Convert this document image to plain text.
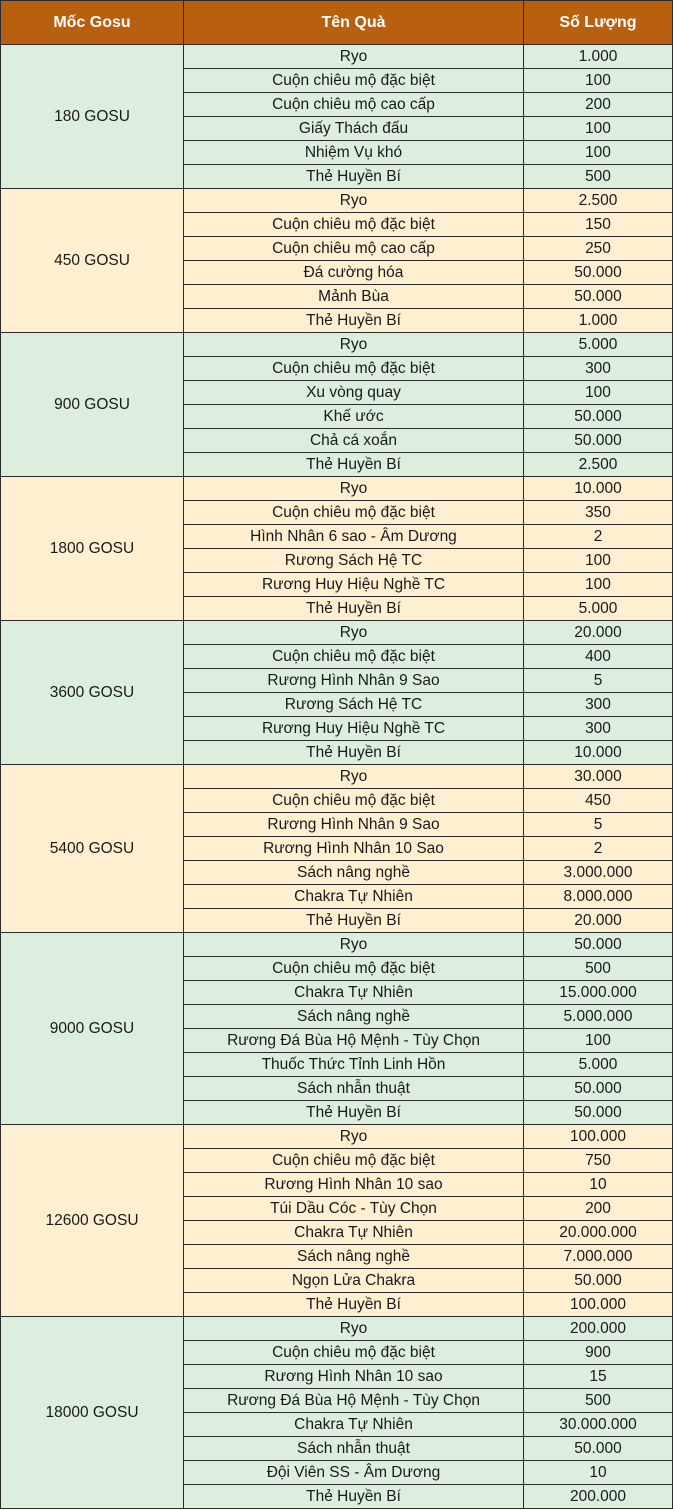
Mốc Gosu	Tên Quà	Số Lượng
180 GOSU	Ryo	1.000
	Cuộn chiêu mộ đặc biệt	100
	Cuộn chiêu mộ cao cấp	200
	Giấy Thách đấu	100
	Nhiệm Vụ khó	100
	Thẻ Huyền Bí	500
450 GOSU	Ryo	2.500
	Cuộn chiêu mộ đặc biệt	150
	Cuộn chiêu mộ cao cấp	250
	Đá cường hóa	50.000
	Mảnh Bùa	50.000
	Thẻ Huyền Bí	1.000
900 GOSU	Ryo	5.000
	Cuộn chiêu mộ đặc biệt	300
	Xu vòng quay	100
	Khế ước	50.000
	Chả cá xoắn	50.000
	Thẻ Huyền Bí	2.500
1800 GOSU	Ryo	10.000
	Cuộn chiêu mộ đặc biệt	350
	Hình Nhân 6 sao - Âm Dương	2
	Rương Sách Hệ TC	100
	Rương Huy Hiệu Nghề TC	100
	Thẻ Huyền Bí	5.000
3600 GOSU	Ryo	20.000
	Cuộn chiêu mộ đặc biệt	400
	Rương Hình Nhân 9 Sao	5
	Rương Sách Hệ TC	300
	Rương Huy Hiệu Nghề TC	300
	Thẻ Huyền Bí	10.000
5400 GOSU	Ryo	30.000
	Cuộn chiêu mộ đặc biệt	450
	Rương Hình Nhân 9 Sao	5
	Rương Hình Nhân 10 Sao	2
	Sách nâng nghề	3.000.000
	Chakra Tự Nhiên	8.000.000
	Thẻ Huyền Bí	20.000
9000 GOSU	Ryo	50.000
	Cuộn chiêu mộ đặc biệt	500
	Chakra Tự Nhiên	15.000.000
	Sách nâng nghề	5.000.000
	Rương Đá Bùa Hộ Mệnh - Tùy Chọn	100
	Thuốc Thức Tỉnh Linh Hồn	5.000
	Sách nhẫn thuật	50.000
	Thẻ Huyền Bí	50.000
12600 GOSU	Ryo	100.000
	Cuộn chiêu mộ đặc biệt	750
	Rương Hình Nhân 10 sao	10
	Túi Dầu Cóc - Tùy Chọn	200
	Chakra Tự Nhiên	20.000.000
	Sách nâng nghề	7.000.000
	Ngọn Lửa Chakra	50.000
	Thẻ Huyền Bí	100.000
18000 GOSU	Ryo	200.000
	Cuộn chiêu mộ đặc biệt	900
	Rương Hình Nhân 10 sao	15
	Rương Đá Bùa Hộ Mệnh - Tùy Chọn	500
	Chakra Tự Nhiên	30.000.000
	Sách nhẫn thuật	50.000
	Đội Viên SS - Âm Dương	10
	Thẻ Huyền Bí	200.000
